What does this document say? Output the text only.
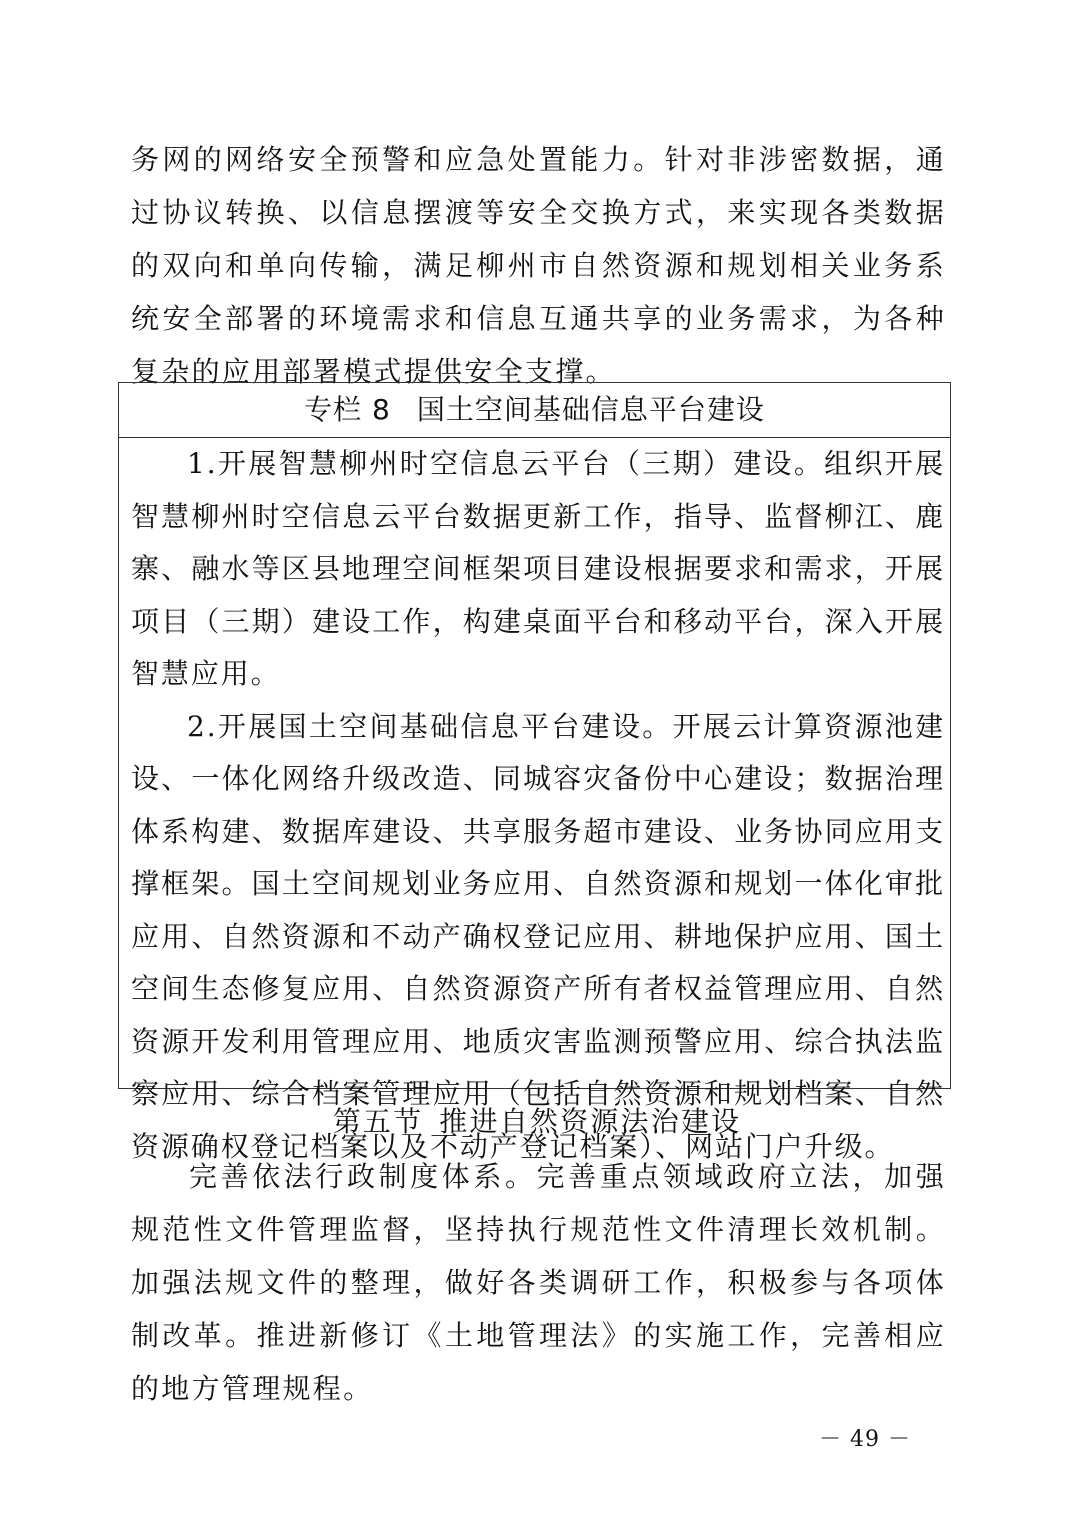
务网的网络安全预警和应急处置能力。针对非涉密数据，通过协议转换、以信息摆渡等安全交换方式，来实现各类数据的双向和单向传输，满足柳州市自然资源和规划相关业务系统安全部署的环境需求和信息互通共享的业务需求，为各种复杂的应用部署模式提供安全支撑。

专栏 8 国土空间基础信息平台建设

1.开展智慧柳州时空信息云平台（三期）建设。组织开展智慧柳州时空信息云平台数据更新工作，指导、监督柳江、鹿寨、融水等区县地理空间框架项目建设根据要求和需求，开展项目（三期）建设工作，构建桌面平台和移动平台，深入开展智慧应用。

2.开展国土空间基础信息平台建设。开展云计算资源池建设、一体化网络升级改造、同城容灾备份中心建设；数据治理体系构建、数据库建设、共享服务超市建设、业务协同应用支撑框架。国土空间规划业务应用、自然资源和规划一体化审批应用、自然资源和不动产确权登记应用、耕地保护应用、国土空间生态修复应用、自然资源资产所有者权益管理应用、自然资源开发利用管理应用、地质灾害监测预警应用、综合执法监察应用、综合档案管理应用（包括自然资源和规划档案、自然资源确权登记档案以及不动产登记档案）、网站门户升级。

第五节 推进自然资源法治建设

完善依法行政制度体系。完善重点领域政府立法，加强规范性文件管理监督，坚持执行规范性文件清理长效机制。加强法规文件的整理，做好各类调研工作，积极参与各项体制改革。推进新修订《土地管理法》的实施工作，完善相应的地方管理规程。

－ 49 －
